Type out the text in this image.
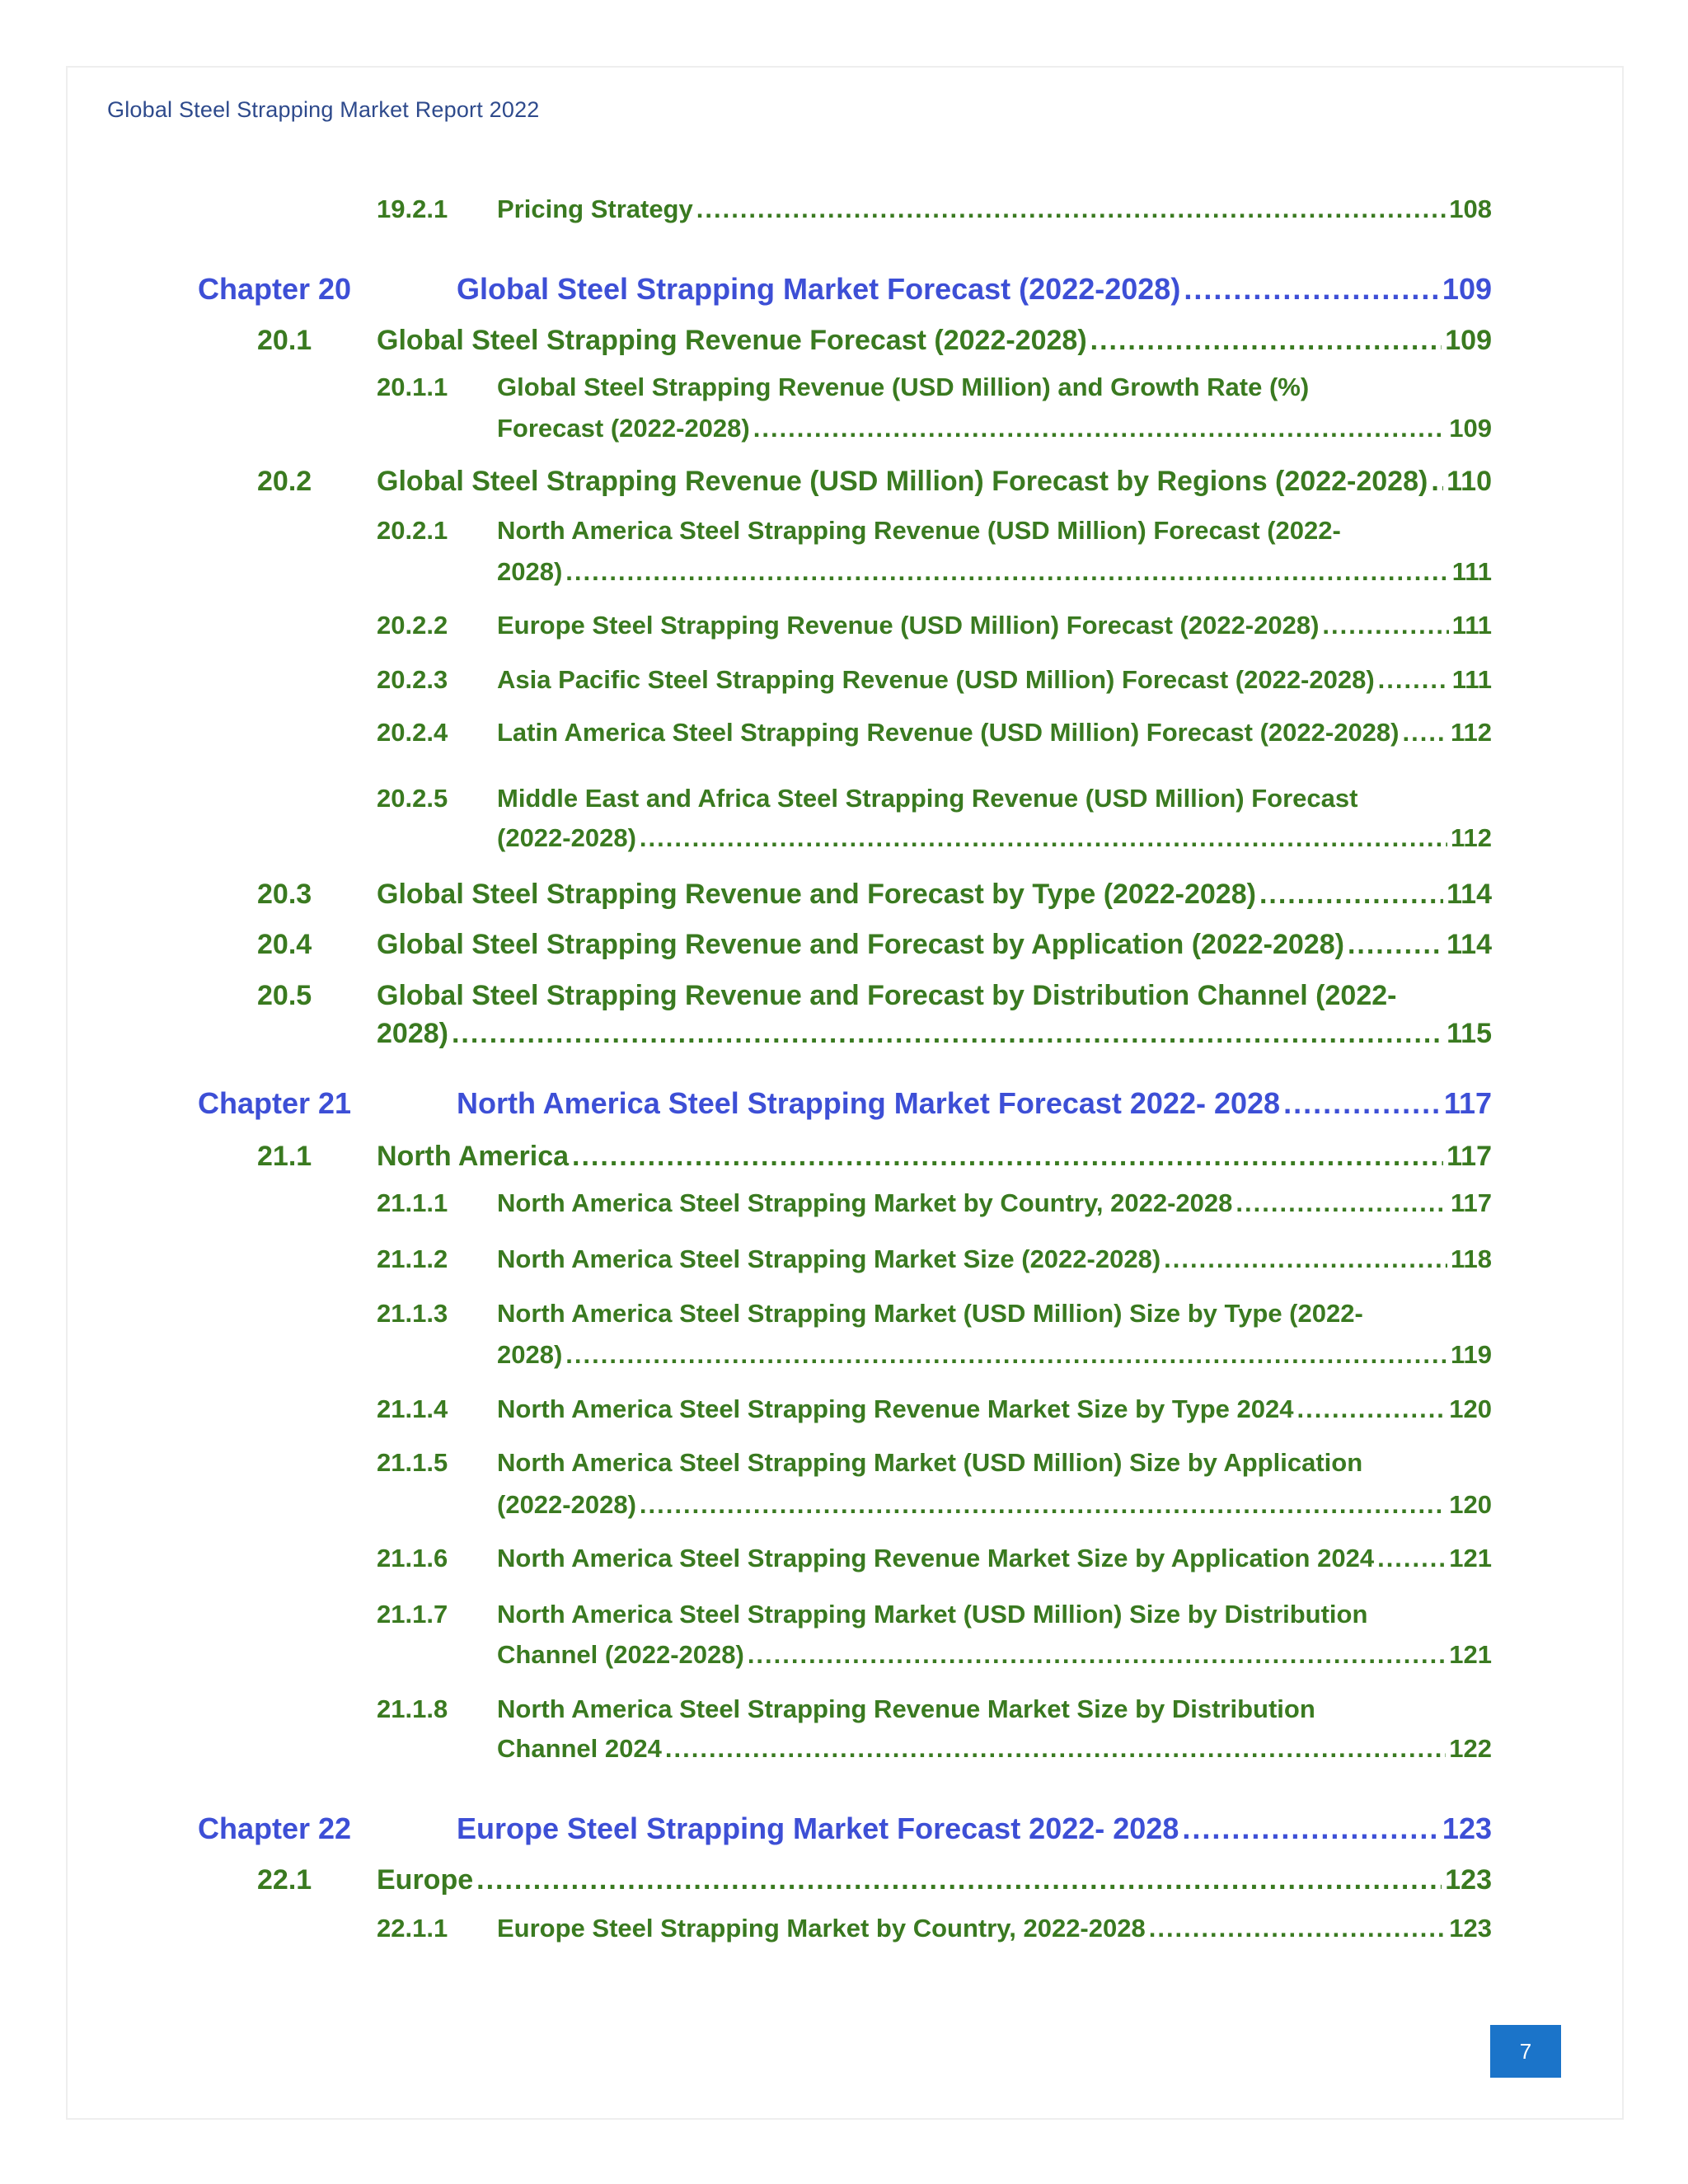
Global Steel Strapping Market Report 2022
19.2.1 Pricing Strategy .....	108
Chapter 20	Global Steel Strapping Market Forecast (2022-2028) .....	109
20.1 Global Steel Strapping Revenue Forecast (2022-2028) .....	109
20.1.1 Global Steel Strapping Revenue (USD Million) and Growth Rate (%)
Forecast (2022-2028) .....	109
20.2 Global Steel Strapping Revenue (USD Million) Forecast by Regions (2022-2028) ..... 110
20.2.1 North America Steel Strapping Revenue (USD Million) Forecast (2022-
2028) .....	111
20.2.2 Europe Steel Strapping Revenue (USD Million) Forecast (2022-2028) .....	111
20.2.3 Asia Pacific Steel Strapping Revenue (USD Million) Forecast (2022-2028) .....	111
20.2.4 Latin America Steel Strapping Revenue (USD Million) Forecast (2022-2028) ..... 112
20.2.5 Middle East and Africa Steel Strapping Revenue (USD Million) Forecast
(2022-2028) .....	112
20.3 Global Steel Strapping Revenue and Forecast by Type (2022-2028) .....	114
20.4 Global Steel Strapping Revenue and Forecast by Application (2022-2028) .....	114
20.5 Global Steel Strapping Revenue and Forecast by Distribution Channel (2022-
2028) .....	115
Chapter 21	North America Steel Strapping Market Forecast 2022- 2028 .....	117
21.1 North America .....	117
21.1.1 North America Steel Strapping Market by Country, 2022-2028 .....	117
21.1.2 North America Steel Strapping Market Size (2022-2028) .....	118
21.1.3 North America Steel Strapping Market (USD Million) Size by Type (2022-
2028) .....	119
21.1.4 North America Steel Strapping Revenue Market Size by Type 2024 .....	120
21.1.5 North America Steel Strapping Market (USD Million) Size by Application
(2022-2028) .....	120
21.1.6 North America Steel Strapping Revenue Market Size by Application 2024 .....	121
21.1.7 North America Steel Strapping Market (USD Million) Size by Distribution
Channel (2022-2028) .....	121
21.1.8 North America Steel Strapping Revenue Market Size by Distribution
Channel 2024 .....	122
Chapter 22	Europe Steel Strapping Market Forecast 2022- 2028 .....	123
22.1 Europe .....	123
22.1.1 Europe Steel Strapping Market by Country, 2022-2028 .....	123
7
